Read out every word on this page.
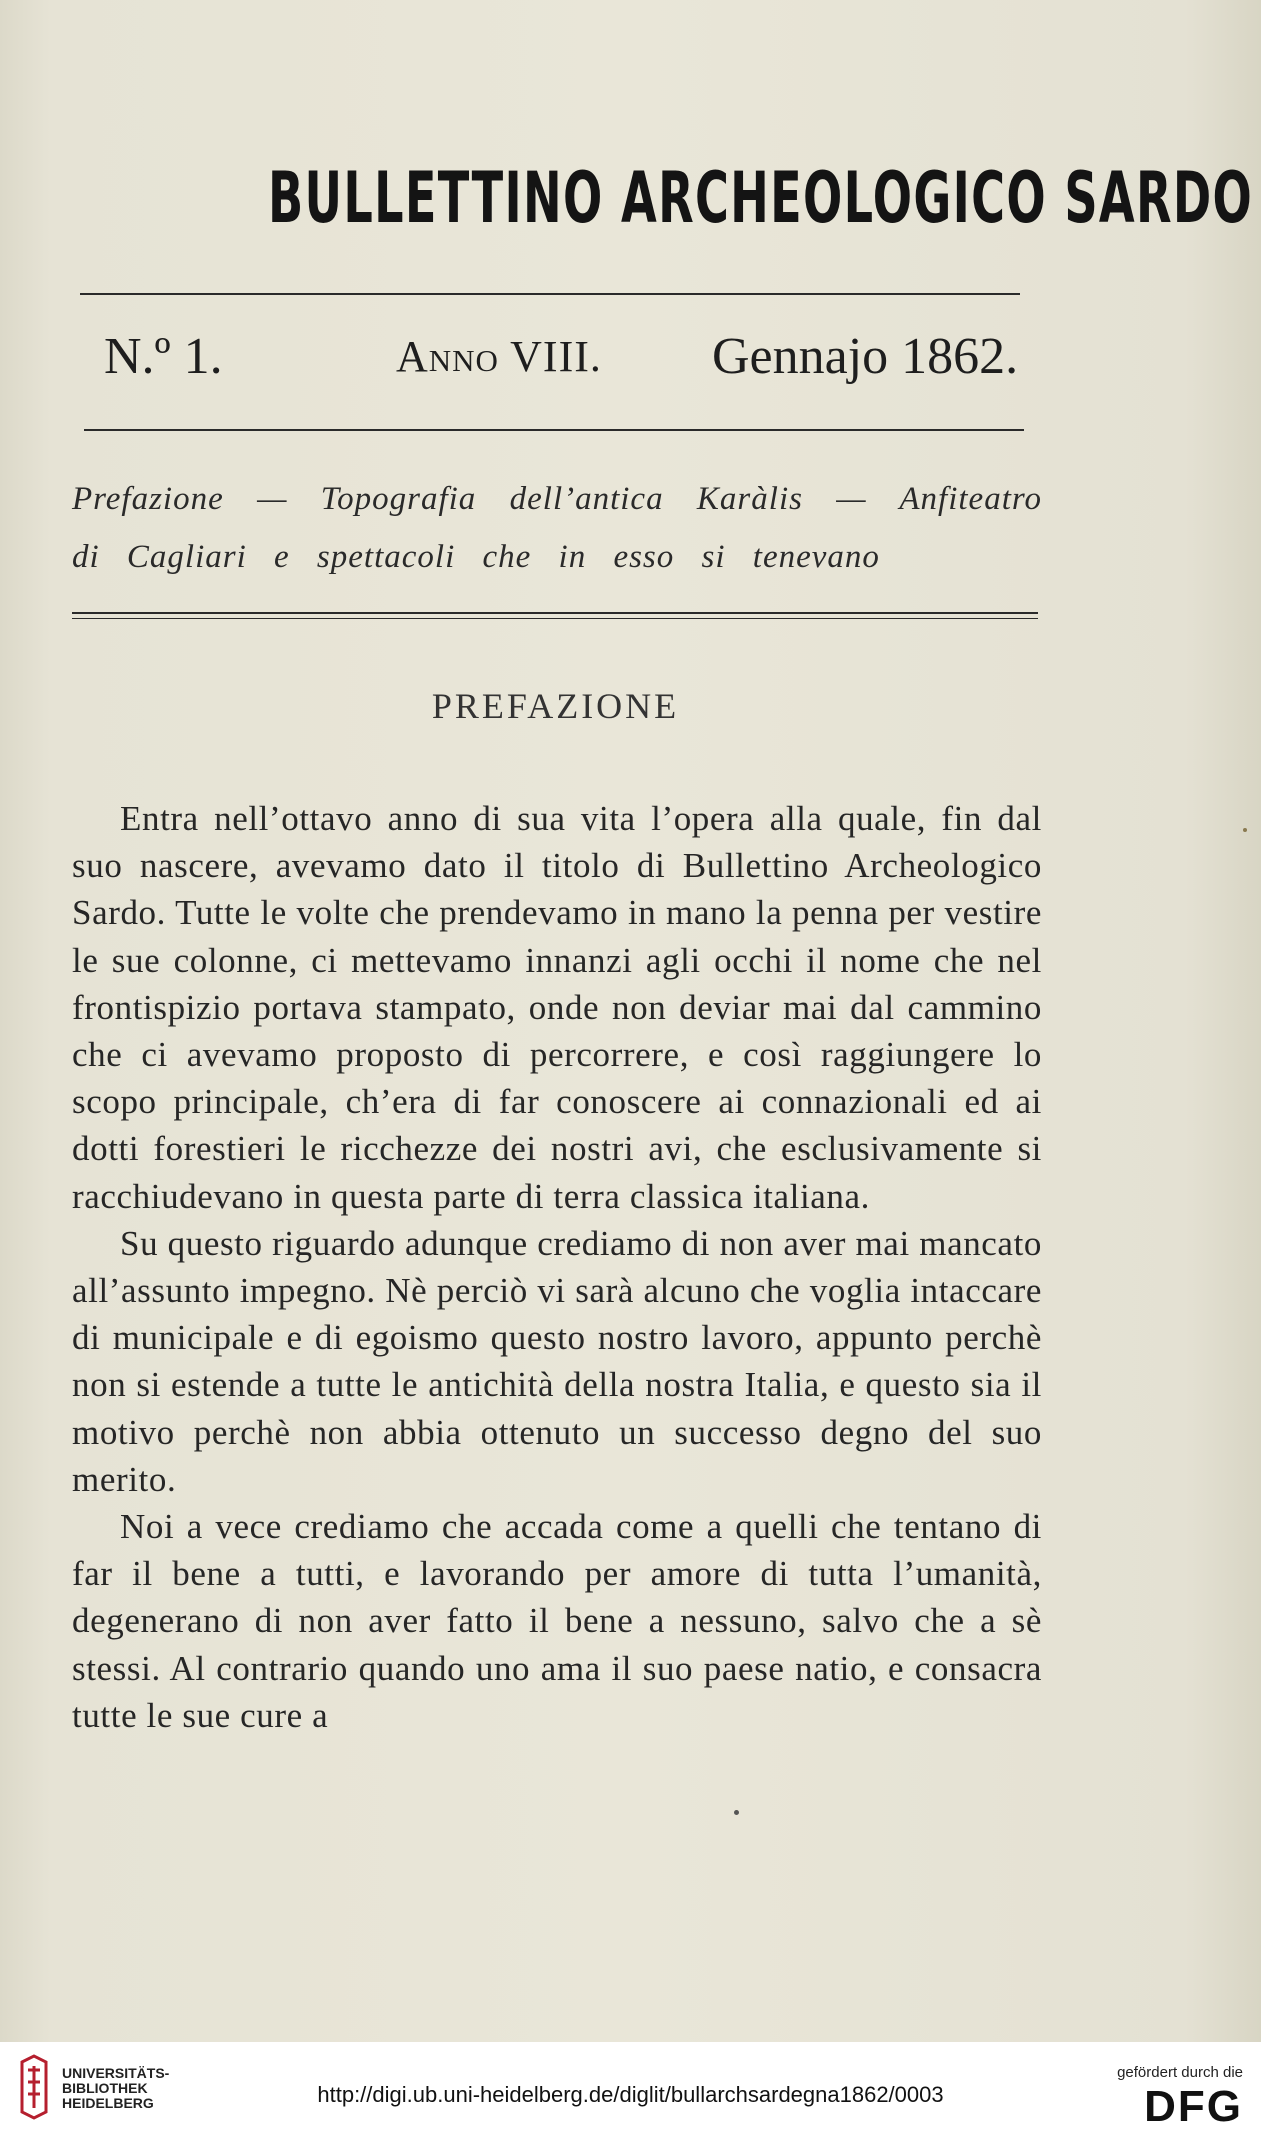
BULLETTINO ARCHEOLOGICO SARDO
N.º 1.	Anno VIII. Gennajo 1862.
Prefazione — Topografia dell’antica Karàlis — Anfiteatro di Cagliari e spettacoli che in esso si tenevano
PREFAZIONE

Entra nell’ottavo anno di sua vita l’opera alla quale, fin dal suo nascere, avevamo dato il titolo di Bullettino Archeologico Sardo. Tutte le volte che prendevamo in mano la penna per vestire le sue colonne, ci mettevamo innanzi agli occhi il nome che nel frontispizio portava stampato, onde non deviar mai dal cammino che ci avevamo proposto di percorrere, e così raggiungere lo scopo principale, ch’era di far conoscere ai connazionali ed ai dotti forestieri le ricchezze dei nostri avi, che esclusivamente si racchiudevano in questa parte di terra classica italiana.

Su questo riguardo adunque crediamo di non aver mai mancato all’assunto impegno. Nè perciò vi sarà alcuno che voglia intaccare di municipale e di egoismo questo nostro lavoro, appunto perchè non si estende a tutte le antichità della nostra Italia, e questo sia il motivo perchè non abbia ottenuto un successo degno del suo merito.

Noi a vece crediamo che accada come a quelli che tentano di far il bene a tutti, e lavorando per amore di tutta l’umanità, degenerano di non aver fatto il bene a nessuno, salvo che a sè stessi. Al contrario quando uno ama il suo paese natio, e consacra tutte le sue cure a

UNIVERSITÄTS-
BIBLIOTHEK
HEIDELBERG	http://digi.ub.uni-heidelberg.de/diglit/bullarchsardegna1862/0003
gefördert durch die
DFG
